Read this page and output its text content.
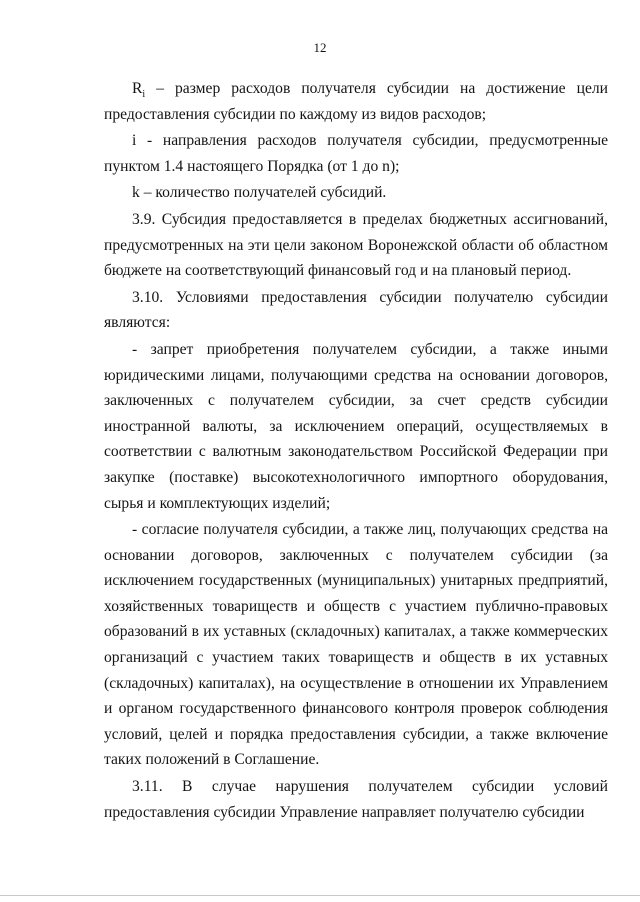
12

$R_i$ – размер расходов получателя субсидии на достижение цели предоставления субсидии по каждому из видов расходов;

i - направления расходов получателя субсидии, предусмотренные пунктом 1.4 настоящего Порядка (от 1 до n);

k – количество получателей субсидий.

3.9. Субсидия предоставляется в пределах бюджетных ассигнований, предусмотренных на эти цели законом Воронежской области об областном бюджете на соответствующий финансовый год и на плановый период.

3.10. Условиями предоставления субсидии получателю субсидии являются:

- запрет приобретения получателем субсидии, а также иными юридическими лицами, получающими средства на основании договоров, заключенных с получателем субсидии, за счет средств субсидии иностранной валюты, за исключением операций, осуществляемых в соответствии с валютным законодательством Российской Федерации при закупке (поставке) высокотехнологичного импортного оборудования, сырья и комплектующих изделий;

- согласие получателя субсидии, а также лиц, получающих средства на основании договоров, заключенных с получателем субсидии (за исключением государственных (муниципальных) унитарных предприятий, хозяйственных товариществ и обществ с участием публично-правовых образований в их уставных (складочных) капиталах, а также коммерческих организаций с участием таких товариществ и обществ в их уставных (складочных) капиталах), на осуществление в отношении их Управлением и органом государственного финансового контроля проверок соблюдения условий, целей и порядка предоставления субсидии, а также включение таких положений в Соглашение.

3.11. В случае нарушения получателем субсидии условий предоставления субсидии Управление направляет получателю субсидии
